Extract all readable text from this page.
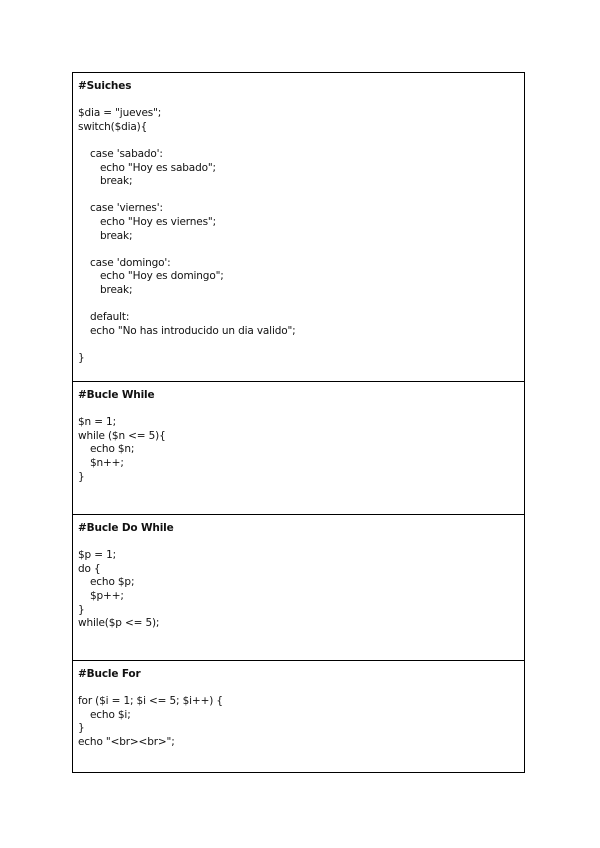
#Suiches
$dia = "jueves";
switch($dia){
case 'sabado':
echo "Hoy es sabado";
break;
case 'viernes':
echo "Hoy es viernes";
break;
case 'domingo':
echo "Hoy es domingo";
break;
default:
echo "No has introducido un dia valido";
}
#Bucle While
$n = 1;
while ($n <= 5){
echo $n;
$n++;
}
#Bucle Do While
$p = 1;
do {
echo $p;
$p++;
}
while($p <= 5);
#Bucle For
for ($i = 1; $i <= 5; $i++) {
echo $i;
}
echo "<br><br>";
